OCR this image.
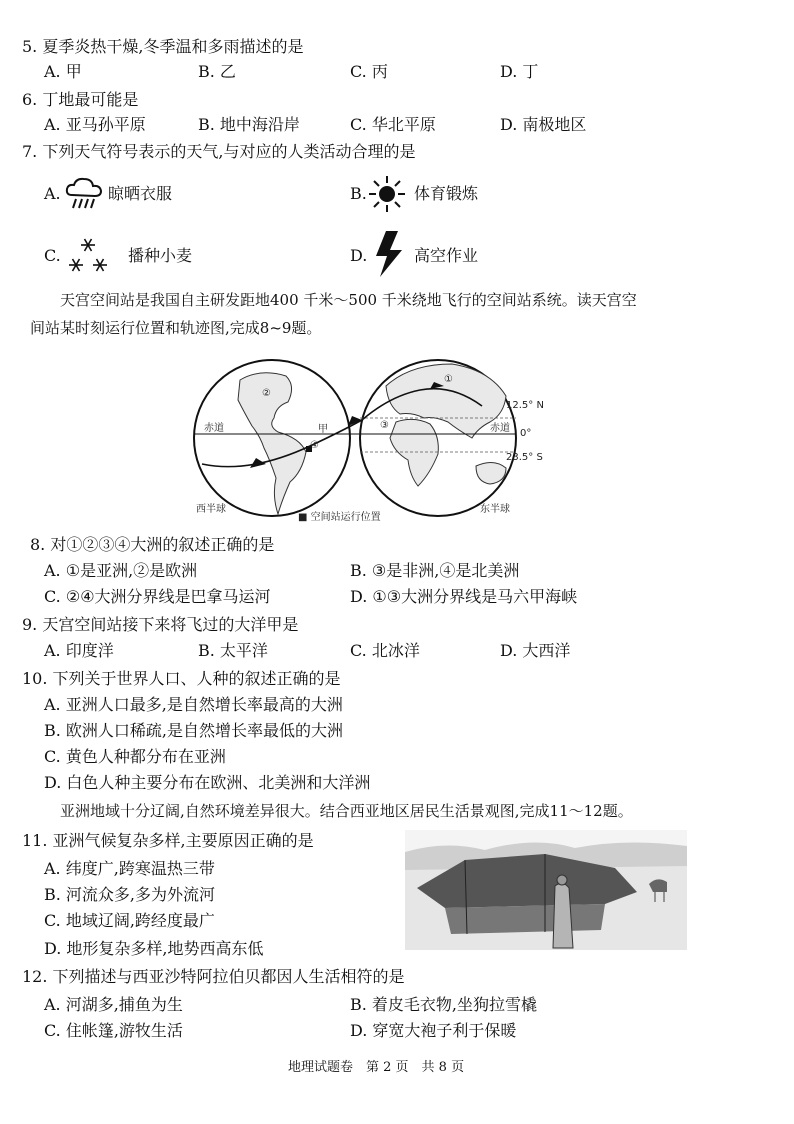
5. 夏季炎热干燥,冬季温和多雨描述的是
A. 甲	B. 乙	C. 丙	D. 丁
6. 丁地最可能是
A. 亚马孙平原	B. 地中海沿岸	C. 华北平原	D. 南极地区
7. 下列天气符号表示的天气,与对应的人类活动合理的是
A.	晾晒衣服	B.	体育锻炼
C.	播种小麦	D.	高空作业
天宫空间站是我国自主研发距地400 千米～500 千米绕地飞行的空间站系统。读天宫空
间站某时刻运行位置和轨迹图,完成8~9题。
赤道	赤道
甲
②
④
①
③
12.5° N
0°
23.5° S
西半球	东半球
■ 空间站运行位置
8. 对①②③④大洲的叙述正确的是
A. ①是亚洲,②是欧洲	B. ③是非洲,④是北美洲
C. ②④大洲分界线是巴拿马运河	D. ①③大洲分界线是马六甲海峡
9. 天宫空间站接下来将飞过的大洋甲是
A. 印度洋	B. 太平洋	C. 北冰洋	D. 大西洋
10. 下列关于世界人口、人种的叙述正确的是
A. 亚洲人口最多,是自然增长率最高的大洲
B. 欧洲人口稀疏,是自然增长率最低的大洲
C. 黄色人种都分布在亚洲
D. 白色人种主要分布在欧洲、北美洲和大洋洲
亚洲地域十分辽阔,自然环境差异很大。结合西亚地区居民生活景观图,完成11～12题。
11. 亚洲气候复杂多样,主要原因正确的是
A. 纬度广,跨寒温热三带
B. 河流众多,多为外流河
C. 地域辽阔,跨经度最广
D. 地形复杂多样,地势西高东低
12. 下列描述与西亚沙特阿拉伯贝都因人生活相符的是
A. 河湖多,捕鱼为生	B. 着皮毛衣物,坐狗拉雪橇
C. 住帐篷,游牧生活	D. 穿宽大袍子利于保暖
地理试题卷　第 2 页　共 8 页
